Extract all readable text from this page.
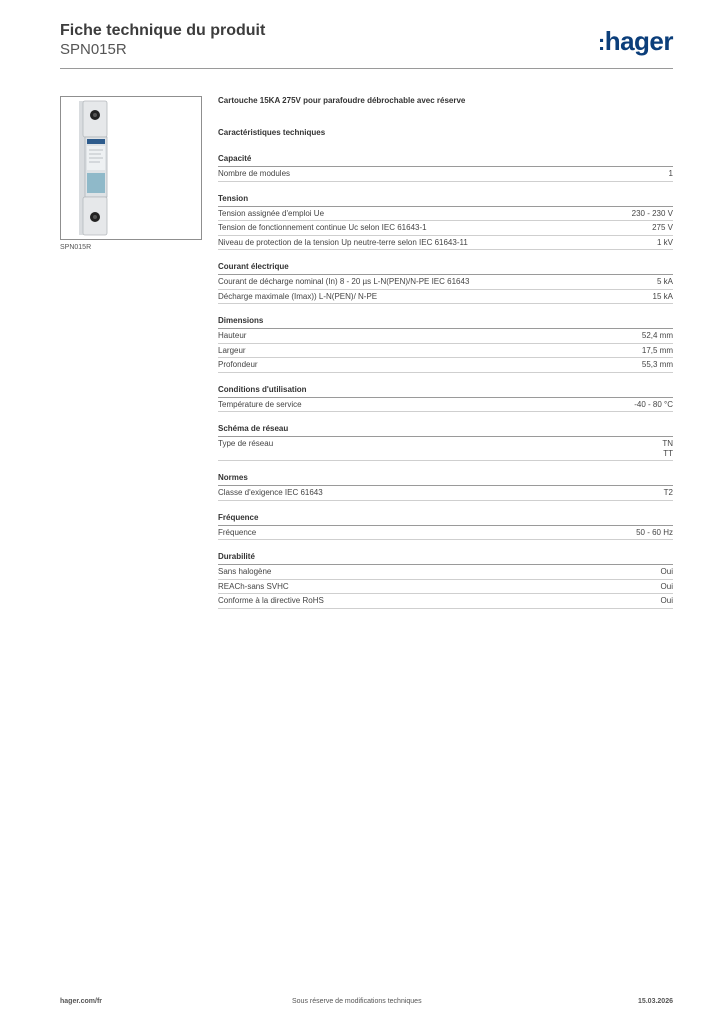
Fiche technique du produit
SPN015R	:hager
SPN015R
Cartouche 15KA 275V pour parafoudre débrochable avec réserve
Caractéristiques techniques
Capacité
Nombre de modules	1
Tension
Tension assignée d'emploi Ue	230 - 230 V
Tension de fonctionnement continue Uc selon IEC 61643-1	275 V
Niveau de protection de la tension Up neutre-terre selon IEC 61643-11	1 kV
Courant électrique
Courant de décharge nominal (In) 8 - 20 µs L-N(PEN)/N-PE IEC 61643	5 kA
Décharge maximale (Imax)) L-N(PEN)/ N-PE	15 kA
Dimensions
Hauteur	52,4 mm
Largeur	17,5 mm
Profondeur	55,3 mm
Conditions d'utilisation
Température de service	-40 - 80 °C
Schéma de réseau
Type de réseau	TN
TT
Normes
Classe d'exigence IEC 61643	T2
Fréquence
Fréquence	50 - 60 Hz
Durabilité
Sans halogène	Oui
REACh-sans SVHC	Oui
Conforme à la directive RoHS	Oui
hager.com/fr	Sous réserve de modifications techniques	15.03.2026
